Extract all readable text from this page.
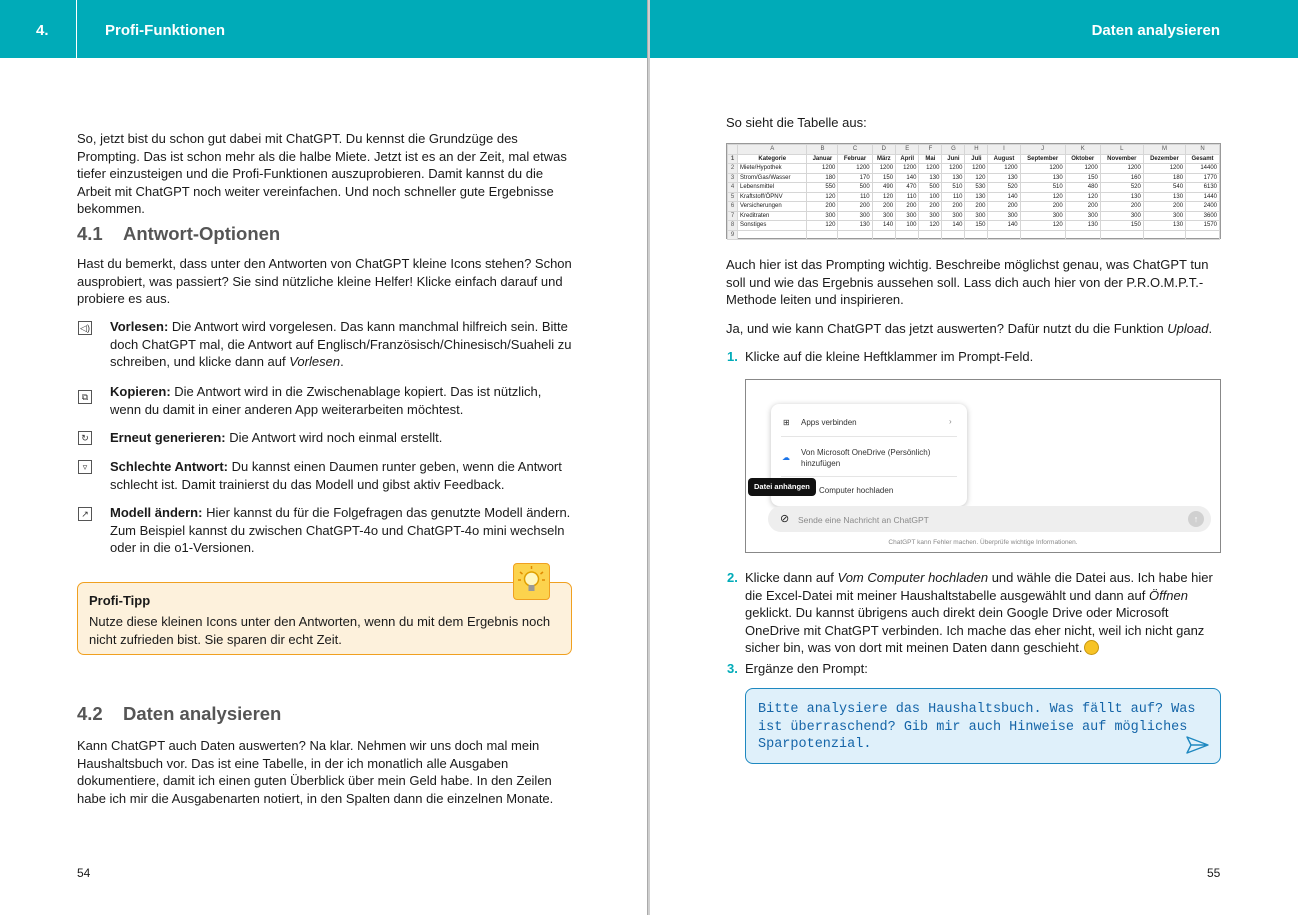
4.	Profi-Funktionen

So, jetzt bist du schon gut dabei mit ChatGPT. Du kennst die Grundzüge des Prompting. Das ist schon mehr als die halbe Miete. Jetzt ist es an der Zeit, mal etwas tiefer einzusteigen und die Profi-Funktionen auszuprobieren. Damit kannst du die Arbeit mit ChatGPT noch weiter vereinfachen. Und noch schneller gute Ergebnisse bekommen.

4.1 Antwort-Optionen

Hast du bemerkt, dass unter den Antworten von ChatGPT kleine Icons stehen? Schon ausprobiert, was passiert? Sie sind nützliche kleine Helfer! Klicke einfach darauf und probiere es aus.

◁) Vorlesen: Die Antwort wird vorgelesen. Das kann manchmal hilfreich sein. Bitte doch ChatGPT mal, die Antwort auf Englisch/Französisch/Chinesisch/Suaheli zu schreiben, und klicke dann auf Vorlesen.

⧉ Kopieren: Die Antwort wird in die Zwischenablage kopiert. Das ist nützlich, wenn du damit in einer anderen App weiterarbeiten möchtest.

↻ Erneut generieren: Die Antwort wird noch einmal erstellt.

▿	Schlechte Antwort: Du kannst einen Daumen runter geben, wenn die Antwort schlecht ist. Damit trainierst du das Modell und gibst aktiv Feedback.

↗ Modell ändern: Hier kannst du für die Folgefragen das genutzte Modell ändern. Zum Beispiel kannst du zwischen ChatGPT-4o und ChatGPT-4o mini wechseln oder in die o1-Versionen.

Profi-Tipp
Nutze diese kleinen Icons unter den Antworten, wenn du mit dem Ergebnis noch nicht zufrieden bist. Sie sparen dir echt Zeit.
4.2 Daten analysieren

Kann ChatGPT auch Daten auswerten? Na klar. Nehmen wir uns doch mal mein Haushaltsbuch vor. Das ist eine Tabelle, in der ich monatlich alle Ausgaben dokumentiere, damit ich einen guten Überblick über mein Geld habe. In den Zeilen habe ich mir die Ausgabenarten notiert, in den Spalten dann die einzelnen Monate.

54
Daten analysieren

So sieht die Tabelle aus:

	A	B	C	D	E	F	G	H	I	J	K	L	M	N
1	Kategorie	Januar	Februar	März	April	Mai	Juni	Juli	August	September	Oktober	November	Dezember	Gesamt
2	Miete/Hypothek	1200	1200	1200	1200	1200	1200	1200	1200	1200	1200	1200	1200	14400
3	Strom/Gas/Wasser	180	170	150	140	130	130	120	130	130	150	160	180	1770
4	Lebensmittel	550	500	490	470	500	510	530	520	510	480	520	540	6130
5	Kraftstoff/ÖPNV	120	110	120	110	100	110	130	140	120	120	130	130	1440
6	Versicherungen	200	200	200	200	200	200	200	200	200	200	200	200	2400
7	Kreditraten	300	300	300	300	300	300	300	300	300	300	300	300	3600
8	Sonstiges	120	130	140	100	120	140	150	140	120	130	150	130	1570
9														

Auch hier ist das Prompting wichtig. Beschreibe möglichst genau, was ChatGPT tun soll und wie das Ergebnis aussehen soll. Lass dich auch hier von der P.R.O.M.P.T.-Methode leiten und inspirieren.

Ja, und wie kann ChatGPT das jetzt auswerten? Dafür nutzt du die Funktion Upload.

1. Klicke auf die kleine Heftklammer im Prompt-Feld.

⊞ Apps verbinden	›
☁
Von Microsoft OneDrive (Persönlich)
hinzufügen
Computer hochladen
Datei anhängen
⊘ Sende eine Nachricht an ChatGPT	↑
ChatGPT kann Fehler machen. Überprüfe wichtige Informationen.
2. Klicke dann auf Vom Computer hochladen und wähle die Datei aus. Ich habe hier die Excel-Datei mit meiner Haushaltstabelle ausgewählt und dann auf Öffnen geklickt. Du kannst übrigens auch direkt dein Google Drive oder Microsoft OneDrive mit ChatGPT verbinden. Ich mache das eher nicht, weil ich nicht ganz sicher bin, was von dort mit meinen Daten dann geschieht.

3. Ergänze den Prompt:

Bitte analysiere das Haushaltsbuch. Was fällt auf? Was ist überraschend? Gib mir auch Hinweise auf mögliches Sparpotenzial.
55
